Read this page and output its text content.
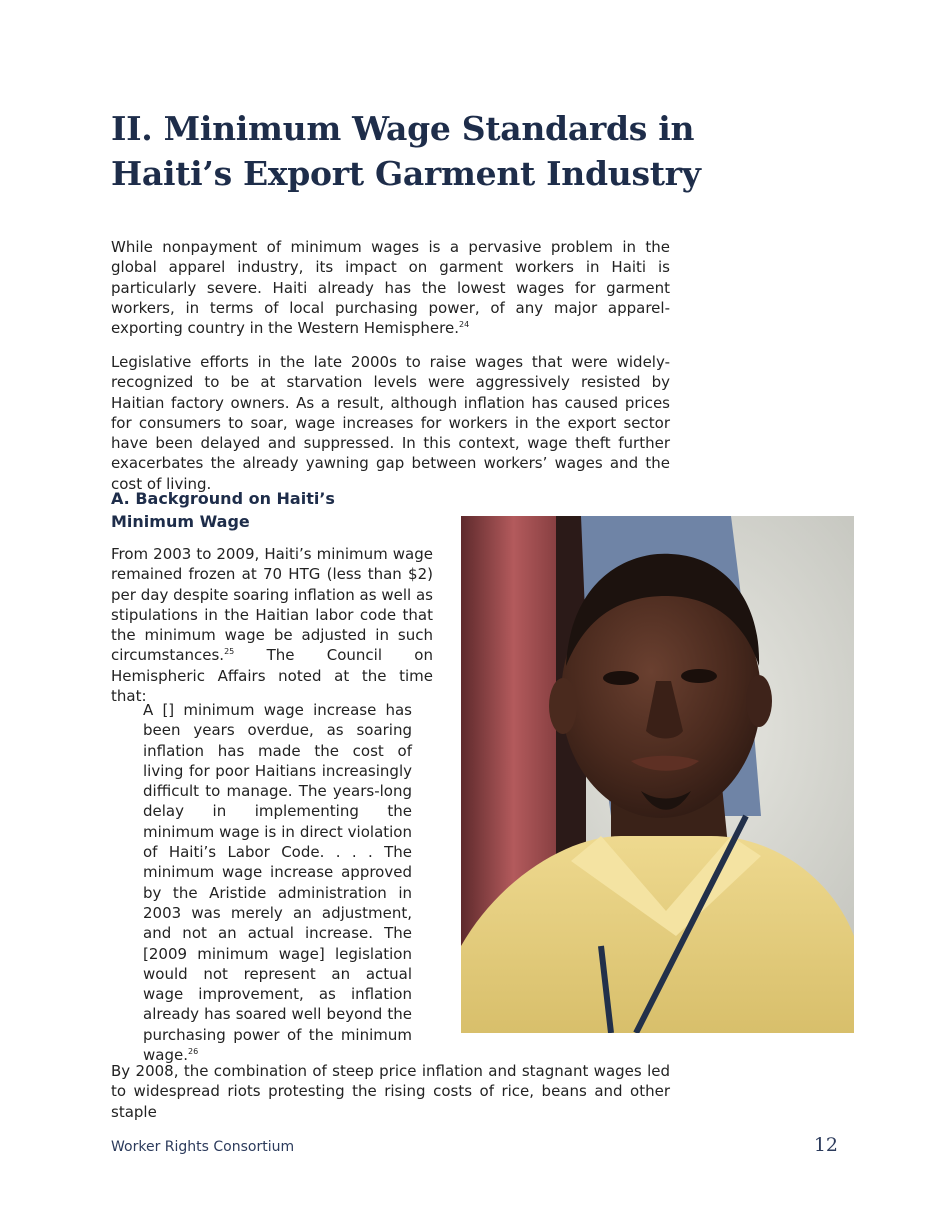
II. Minimum Wage Standards in
Haiti’s Export Garment Industry

While nonpayment of minimum wages is a pervasive problem in the global apparel industry, its impact on garment workers in Haiti is particularly severe. Haiti already has the lowest wages for garment workers, in terms of local purchasing power, of any major apparel-exporting country in the Western Hemisphere.$^{24}$

Legislative efforts in the late 2000s to raise wages that were widely-recognized to be at starvation levels were aggressively resisted by Haitian factory owners. As a result, although inflation has caused prices for consumers to soar, wage increases for workers in the export sector have been delayed and suppressed. In this context, wage theft further exacerbates the already yawning gap between workers’ wages and the cost of living.

A. Background on Haiti’s
Minimum Wage

From 2003 to 2009, Haiti’s minimum wage remained frozen at 70 HTG (less than $2) per day despite soaring inflation as well as stipulations in the Haitian labor code that the minimum wage be adjusted in such circumstances.$^{25}$ The Council on Hemispheric Affairs noted at the time that:

A [] minimum wage increase has been years overdue, as soaring inflation has made the cost of living for poor Haitians increasingly difficult to manage. The years-long delay in implementing the minimum wage is in direct violation of Haiti’s Labor Code. . . . The minimum wage increase approved by the Aristide administration in 2003 was merely an adjustment, and not an actual increase. The [2009 minimum wage] legislation would not represent an actual wage improvement, as inflation already has soared well beyond the purchasing power of the minimum wage.$^{26}$

By 2008, the combination of steep price inflation and stagnant wages led to widespread riots protesting the rising costs of rice, beans and other staple

Worker Rights Consortium	12
